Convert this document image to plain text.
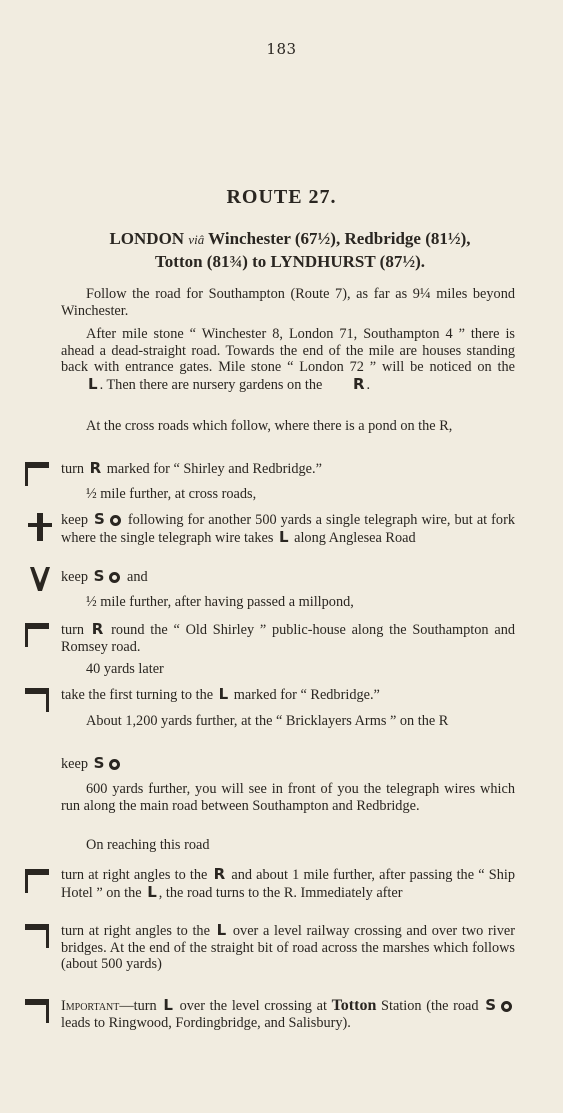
183
ROUTE 27.
LONDON viâ Winchester (67½), Redbridge (81½),
Totton (81¾) to LYNDHURST (87½).
Follow the road for Southampton (Route 7), as far as 9¼ miles beyond Winchester.
After mile stone “ Winchester 8, London 71, Southampton 4 ” there is ahead a dead-straight road. Towards the end of the mile are houses standing back with entrance gates. Mile stone “ London 72 ” will be noticed on the L . Then there are nursery gardens on the R .
At the cross roads which follow, where there is a pond on the R,
turn R marked for “ Shirley and Redbridge.”
½ mile further, at cross roads,
keep S following for another 500 yards a single telegraph wire, but at fork where the single telegraph wire takes L along Anglesea Road
keep S and
½ mile further, after having passed a millpond,
turn R round the “ Old Shirley ” public-house along the Southampton and Romsey road.
40 yards later
take the first turning to the L marked for “ Redbridge.”
About 1,200 yards further, at the “ Bricklayers Arms ” on the R
keep S
600 yards further, you will see in front of you the telegraph wires which run along the main road between Southampton and Redbridge.
On reaching this road
turn at right angles to the R and about 1 mile further, after passing the “ Ship Hotel ” on the L , the road turns to the R. Immediately after
turn at right angles to the L over a level railway crossing and over two river bridges. At the end of the straight bit of road across the marshes which follows (about 500 yards)
Important—turn L over the level crossing at Totton Station (the road S leads to Ringwood, Fordingbridge, and Salisbury).
